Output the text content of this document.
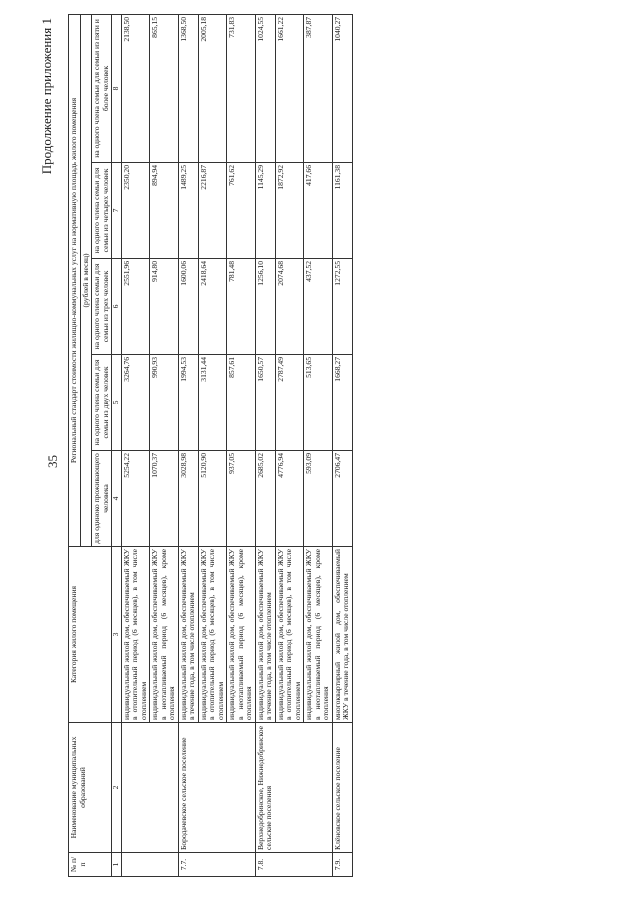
35
Продолжение приложения 1
№ п/п	Наименование муниципальных образований	Категория жилого помещения	Региональный стандарт стоимости жилищно-коммунальных услуг на нормативную площадь жилого помещения				
			(рублей в месяц)				
			для одиноко проживающего человека	на одного члена семьи для семьи из двух человек	на одного члена семьи для семьи из трех человек	на одного члена семьи для семьи из четырех человек	на одного члена семьи для семьи из пяти и более человек
1	2	3	4	5	6	7	8
		индивидуальный жилой дом, обеспечиваемый ЖКУ в отопительный период (6 месяцев), в том числе отоплением	5254,22	3264,76	2551,96	2350,20	2138,50
		индивидуальный жилой дом, обеспечиваемый ЖКУ в неотапливаемый период (6 месяцев), кроме отопления	1070,37	990,93	914,80	894,94	865,15
7.7.	Бородачевское сельское поселение	индивидуальный жилой дом, обеспечиваемый ЖКУ в течение года, в том числе отоплением	3028,98	1994,53	1600,06	1489,25	1368,50
		индивидуальный жилой дом, обеспечиваемый ЖКУ в отопительный период (6 месяцев), в том числе отоплением	5120,90	3131,44	2418,64	2216,87	2005,18
		индивидуальный жилой дом, обеспечиваемый ЖКУ в неотапливаемый период (6 месяцев), кроме отопления	937,05	857,61	781,48	761,62	731,83
7.8.	Верхнедобринское, Нижнедобринское сельские поселения	индивидуальный жилой дом, обеспечиваемый ЖКУ в течение года, в том числе отоплением	2685,02	1650,57	1256,10	1145,29	1024,55
		индивидуальный жилой дом, обеспечиваемый ЖКУ в отопительный период (6 месяцев), в том числе отоплением	4776,94	2787,49	2074,68	1872,92	1661,22
		индивидуальный жилой дом, обеспечиваемый ЖКУ в неотапливаемый период (6 месяцев), кроме отопления	593,09	513,65	437,52	417,66	387,87
7.9.	Клёновское сельское поселение	многоквартирный жилой дом, обеспечиваемый ЖКУ в течение года, в том числе отоплением	2706,47	1668,27	1272,55	1161,38	1040,27
